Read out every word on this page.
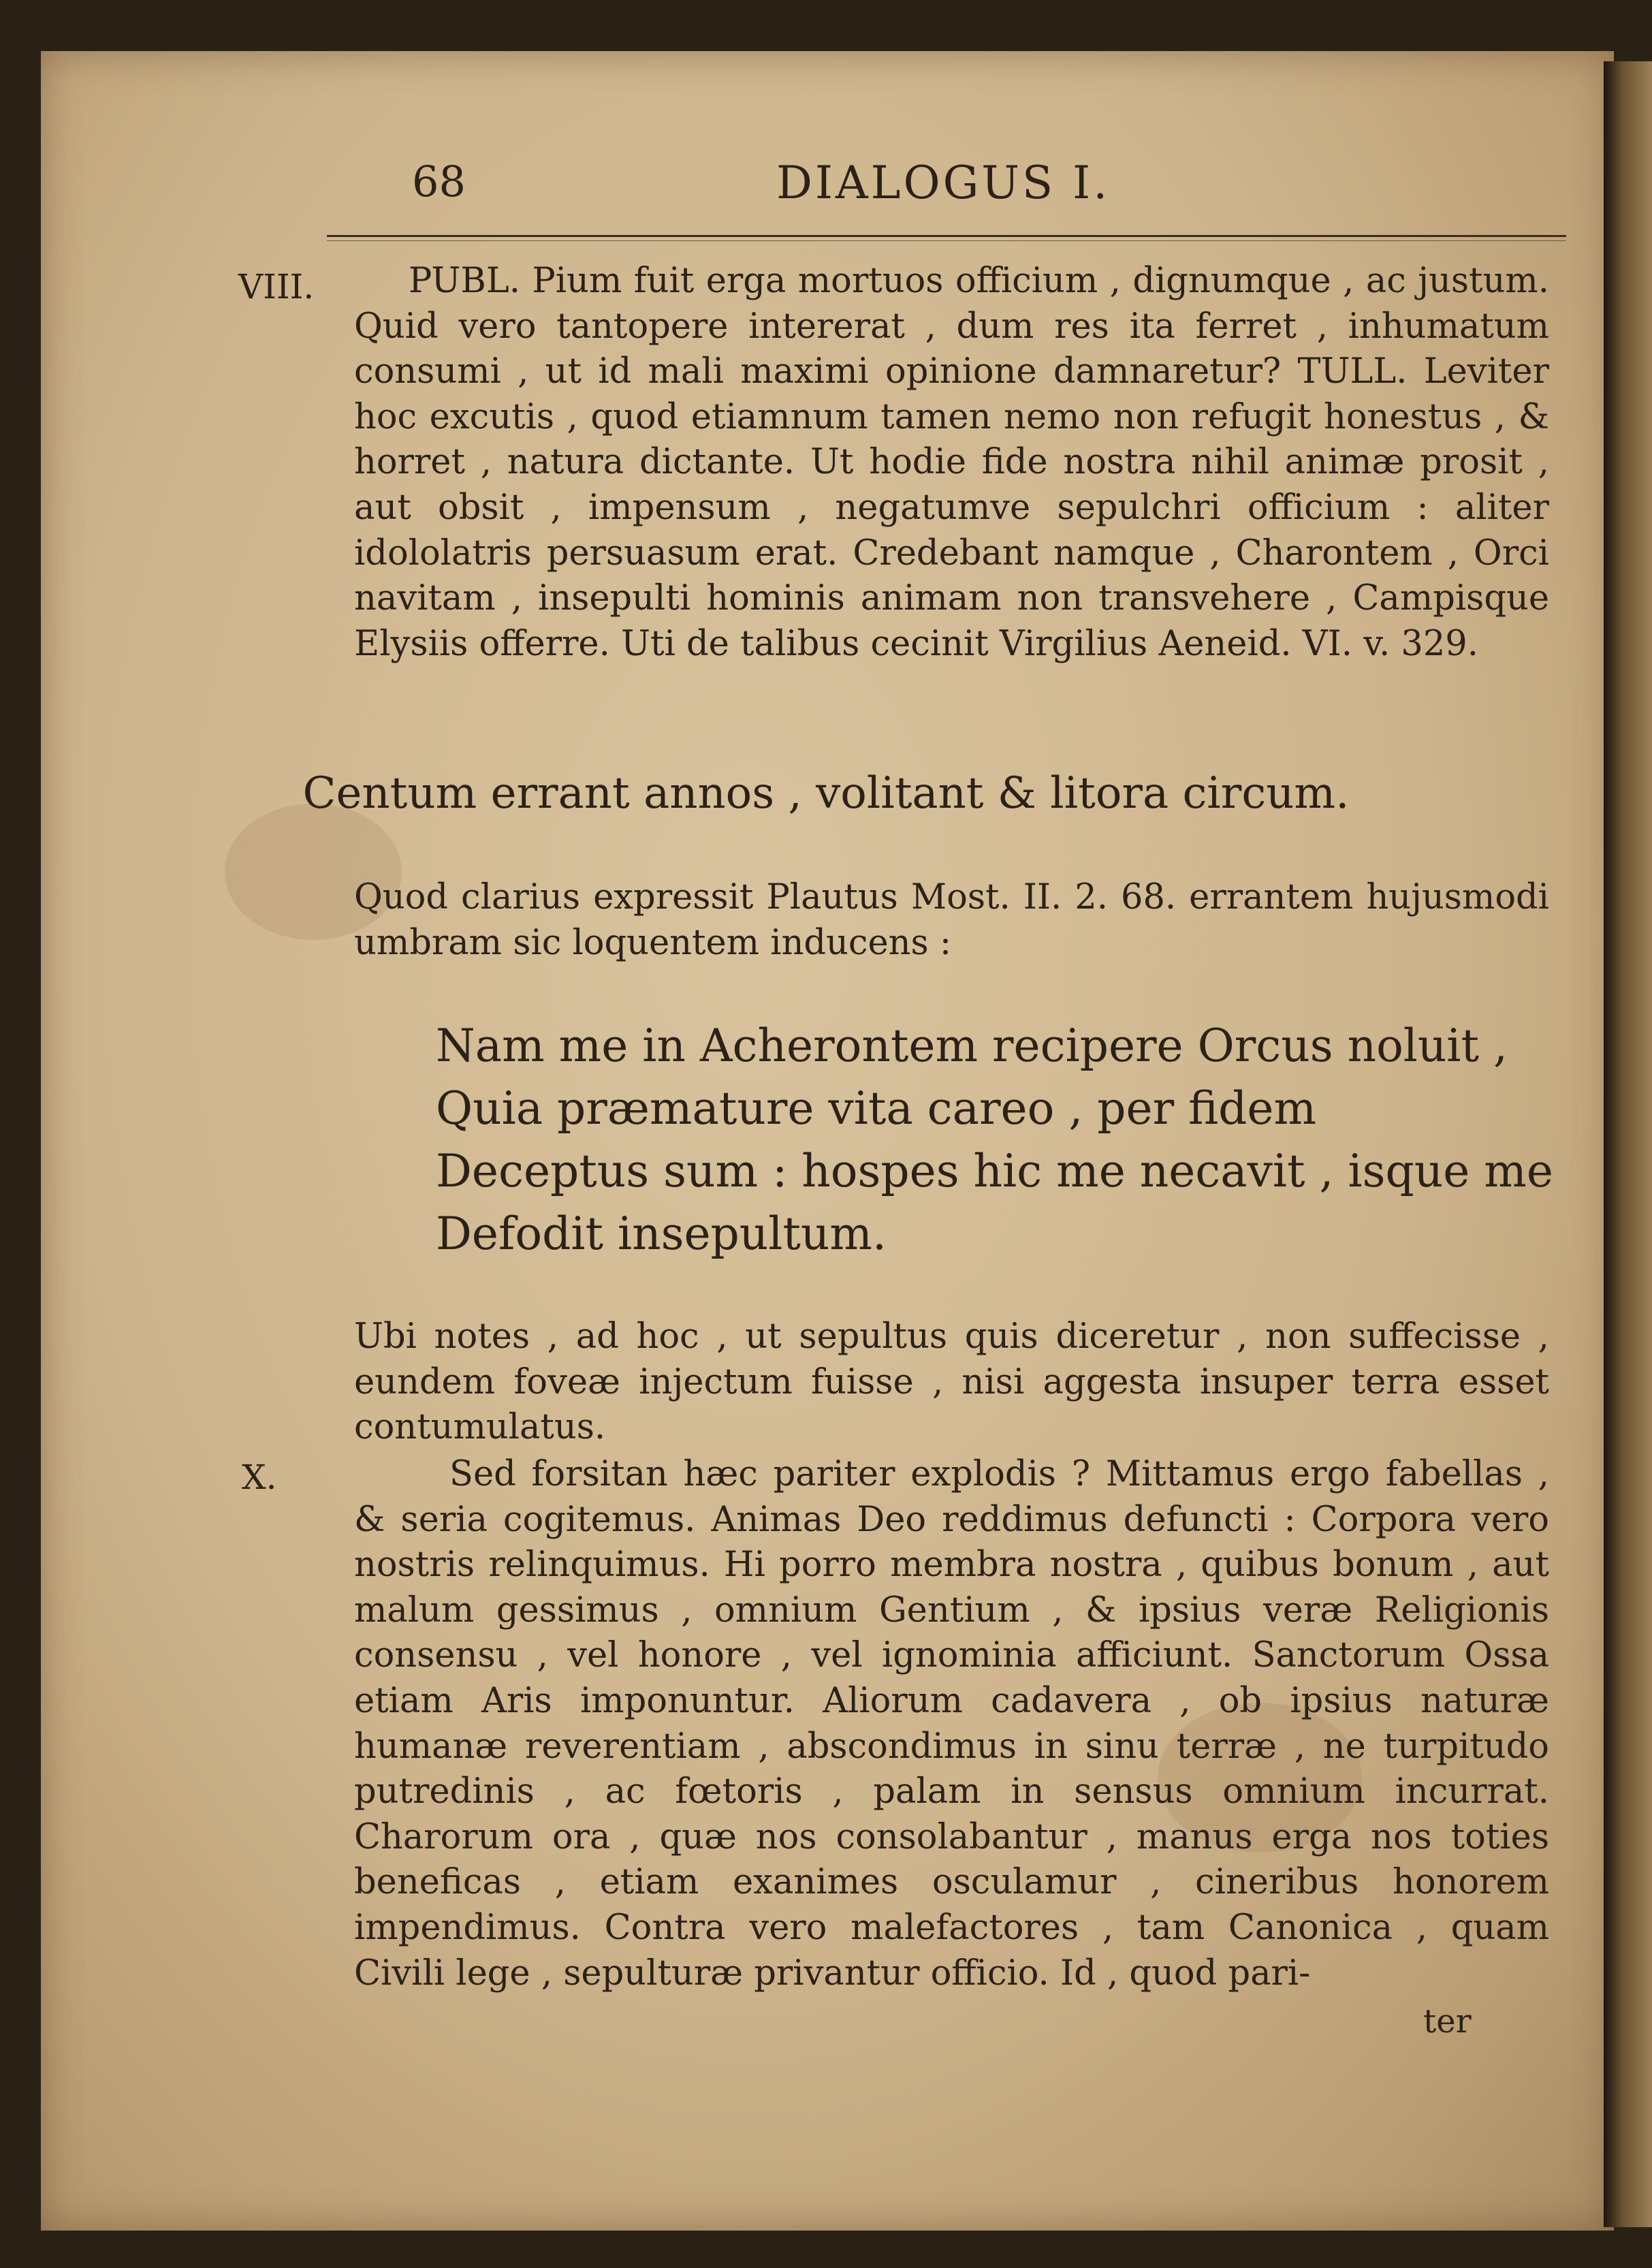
68	DIALOGUS I.
VIII.	PUBL. Pium fuit erga mortuos officium , dignumque , ac justum. Quid vero tantopere intererat , dum res ita ferret , inhumatum consumi , ut id mali maximi opinione damnaretur? TULL. Leviter hoc excutis , quod etiamnum tamen nemo non refugit honestus , & horret , natura dictante. Ut hodie fide nostra nihil animæ prosit , aut obsit , impensum , negatumve sepulchri officium : aliter idololatris persuasum erat. Credebant namque , Charontem , Orci navitam , insepulti hominis animam non transvehere , Campisque Elysiis offerre. Uti de talibus cecinit Virgilius Aeneid. VI. v. 329.
Centum errant annos , volitant & litora circum.
Quod clarius expressit Plautus Most. II. 2. 68. errantem hujusmodi umbram sic loquentem inducens :
Nam me in Acherontem recipere Orcus noluit ,
Quia præmature vita careo , per fidem
Deceptus sum : hospes hic me necavit , isque me
Defodit insepultum.
Ubi notes , ad hoc , ut sepultus quis diceretur , non suffecisse , eundem foveæ injectum fuisse , nisi aggesta insuper terra esset contumulatus.
X.	Sed forsitan hæc pariter explodis ? Mittamus ergo fabellas , & seria cogitemus. Animas Deo reddimus defuncti : Corpora vero nostris relinquimus. Hi porro membra nostra , quibus bonum , aut malum gessimus , omnium Gentium , & ipsius veræ Religionis consensu , vel honore , vel ignominia afficiunt. Sanctorum Ossa etiam Aris imponuntur. Aliorum cadavera , ob ipsius naturæ humanæ reverentiam , abscondimus in sinu terræ , ne turpitudo putredinis , ac fœtoris , palam in sensus omnium incurrat. Charorum ora , quæ nos consolabantur , manus erga nos toties beneficas , etiam exanimes osculamur , cineribus honorem impendimus. Contra vero malefactores , tam Canonica , quam Civili lege , sepulturæ privantur officio. Id , quod pari-
ter
